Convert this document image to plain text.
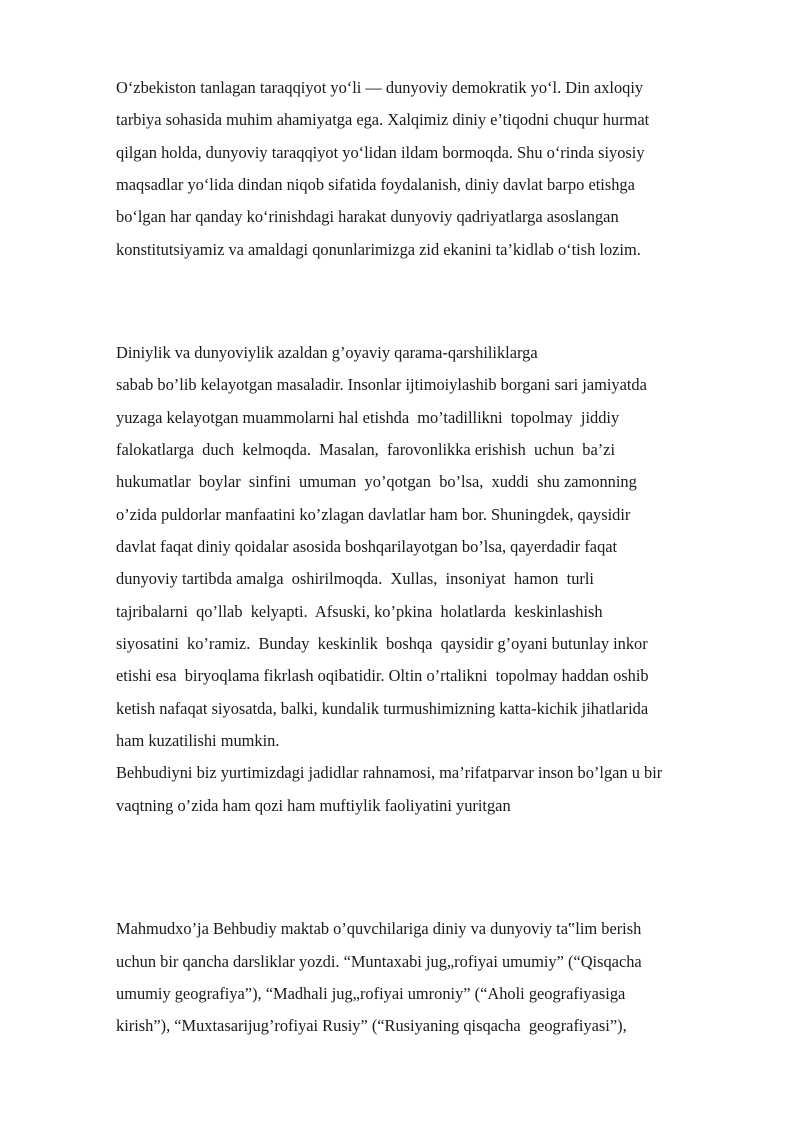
O‘zbekiston tanlagan taraqqiyot yo‘li — dunyoviy demokratik yo‘l. Din axloqiy

tarbiya sohasida muhim ahamiyatga ega. Xalqimiz diniy e’tiqodni chuqur hurmat

qilgan holda, dunyoviy taraqqiyot yo‘lidan ildam bormoqda. Shu o‘rinda siyosiy

maqsadlar yo‘lida dindan niqob sifatida foydalanish, diniy davlat barpo etishga

bo‘lgan har qanday ko‘rinishdagi harakat dunyoviy qadriyatlarga asoslangan

konstitutsiyamiz va amaldagi qonunlarimizga zid ekanini ta’kidlab o‘tish lozim.

Diniylik va dunyoviylik azaldan g’oyaviy qarama-qarshiliklarga

sabab bo’lib kelayotgan masaladir. Insonlar ijtimoiylashib borgani sari jamiyatda

yuzaga kelayotgan muammolarni hal etishda  mo’tadillikni  topolmay  jiddiy

falokatlarga  duch  kelmoqda.  Masalan,  farovonlikka erishish  uchun  ba’zi

hukumatlar  boylar  sinfini  umuman  yo’qotgan  bo’lsa,  xuddi  shu zamonning

o’zida puldorlar manfaatini ko’zlagan davlatlar ham bor. Shuningdek, qaysidir

davlat faqat diniy qoidalar asosida boshqarilayotgan bo’lsa, qayerdadir faqat

dunyoviy tartibda amalga  oshirilmoqda.  Xullas,  insoniyat  hamon  turli

tajribalarni  qo’llab  kelyapti.  Afsuski, ko’pkina  holatlarda  keskinlashish

siyosatini  ko’ramiz.  Bunday  keskinlik  boshqa  qaysidir g’oyani butunlay inkor

etishi esa  biryoqlama fikrlash oqibatidir. Oltin o’rtalikni  topolmay haddan oshib

ketish nafaqat siyosatda, balki, kundalik turmushimizning katta-kichik jihatlarida

ham kuzatilishi mumkin.

Behbudiyni biz yurtimizdagi jadidlar rahnamosi, ma’rifatparvar inson bo’lgan u bir

vaqtning o’zida ham qozi ham muftiylik faoliyatini yuritgan

Mahmudxo’ja Behbudiy maktab o’quvchilariga diniy va dunyoviy ta‟lim berish

uchun bir qancha darsliklar yozdi. “Muntaxabi jug„rofiyai umumiy” (“Qisqacha

umumiy geografiya”), “Madhali jug„rofiyai umroniy” (“Aholi geografiyasiga

kirish”), “Muxtasarijug’rofiyai Rusiy” (“Rusiyaning qisqacha  geografiyasi”),
